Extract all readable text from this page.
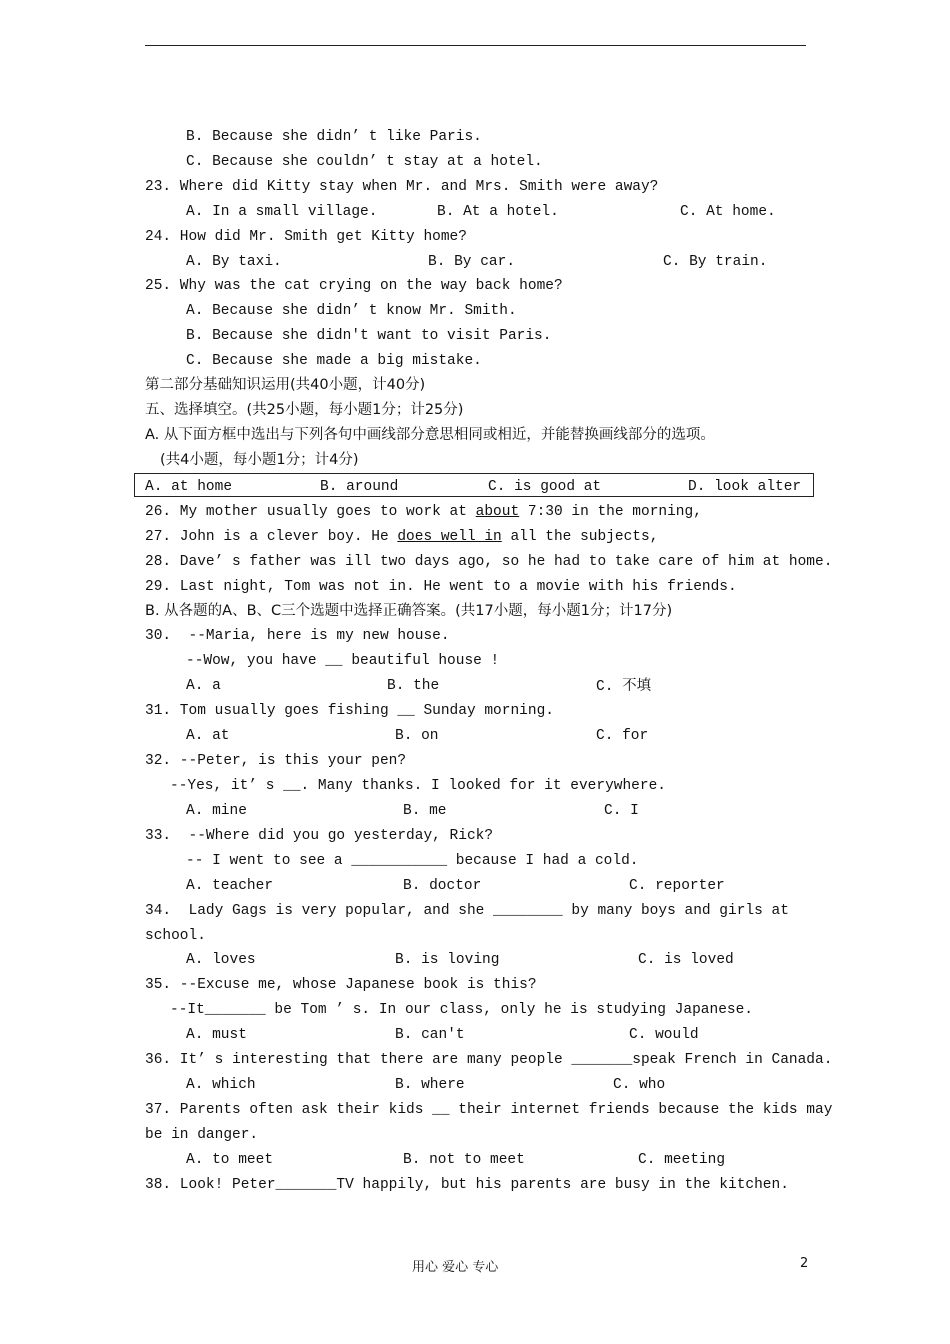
B. Because she didn’ t like Paris.
C. Because she couldn’ t stay at a hotel.
23. Where did Kitty stay when Mr. and Mrs. Smith were away?
A. In a small village.	B. At a hotel.	C. At home.
24. How did Mr. Smith get Kitty home?
A. By taxi.	B. By car.	C. By train.
25. Why was the cat crying on the way back home?
A. Because she didn’ t know Mr. Smith.
B. Because she didn't want to visit Paris.
C. Because she made a big mistake.
第二部分基础知识运用(共40小题，计40分)
五、选择填空。(共25小题，每小题1分；计25分)
A. 从下面方框中选出与下列各句中画线部分意思相同或相近，并能替换画线部分的选项。
(共4小题，每小题1分；计4分)
A. at home	B. around	C. is good at	D. look alter
26. My mother usually goes to work at about 7:30 in the morning,
27. John is a clever boy. He does well in all the subjects,
28. Dave’ s father was ill two days ago, so he had to take care of him at home.
29. Last night, Tom was not in. He went to a movie with his friends.
B. 从各题的A、B、C三个选题中选择正确答案。(共17小题，每小题1分；计17分)
30.  --Maria, here is my new house.
--Wow, you have __ beautiful house !
A. a	B. the	C. 不填
31. Tom usually goes fishing __ Sunday morning.
A. at	B. on	C. for
32. --Peter, is this your pen?
--Yes, it’ s __. Many thanks. I looked for it everywhere.
A. mine	B. me	C. I
33.  --Where did you go yesterday, Rick?
-- I went to see a ___________ because I had a cold.
A. teacher	B. doctor	C. reporter
34.  Lady Gags is very popular, and she ________ by many boys and girls at
school.
A. loves	B. is loving	C. is loved
35. --Excuse me, whose Japanese book is this?
--It_______ be Tom ’ s. In our class, only he is studying Japanese.
A. must	B. can't	C. would
36. It’ s interesting that there are many people _______speak French in Canada.
A. which	B. where	C. who
37. Parents often ask their kids __ their internet friends because the kids may
be in danger.
A. to meet	B. not to meet	C. meeting
38. Look! Peter_______TV happily, but his parents are busy in the kitchen.
用心 爱心 专心	2
